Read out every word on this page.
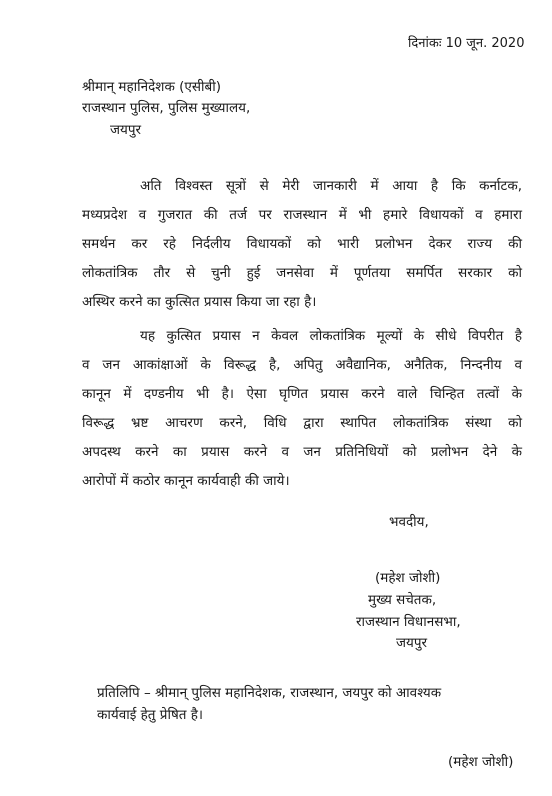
दिनांकः 10 जून. 2020
श्रीमान् महानिदेशक (एसीबी)
राजस्थान पुलिस, पुलिस मुख्यालय,
जयपुर
अति विश्वस्त सूत्रों से मेरी जानकारी में आया है कि कर्नाटक,
मध्यप्रदेश व गुजरात की तर्ज पर राजस्थान में भी हमारे विधायकों व हमारा
समर्थन कर रहे निर्दलीय विधायकों को भारी प्रलोभन देकर राज्य की
लोकतांत्रिक तौर से चुनी हुई जनसेवा में पूर्णतया समर्पित सरकार को
अस्थिर करने का कुत्सित प्रयास किया जा रहा है।
यह कुत्सित प्रयास न केवल लोकतांत्रिक मूल्यों के सीधे विपरीत है
व जन आकांक्षाओं के विरूद्ध है, अपितु अवैद्यानिक, अनैतिक, निन्दनीय व
कानून में दण्डनीय भी है। ऐसा घृणित प्रयास करने वाले चिन्हित तत्वों के
विरूद्ध भ्रष्ट आचरण करने, विधि द्वारा स्थापित लोकतांत्रिक संस्था को
अपदस्थ करने का प्रयास करने व जन प्रतिनिधियों को प्रलोभन देने के
आरोपों में कठोर कानून कार्यवाही की जाये।
भवदीय,
(महेश जोशी)
मुख्य सचेतक,
राजस्थान विधानसभा,
जयपुर
प्रतिलिपि – श्रीमान् पुलिस महानिदेशक, राजस्थान, जयपुर को आवश्यक
कार्यवाई हेतु प्रेषित है।
(महेश जोशी)
